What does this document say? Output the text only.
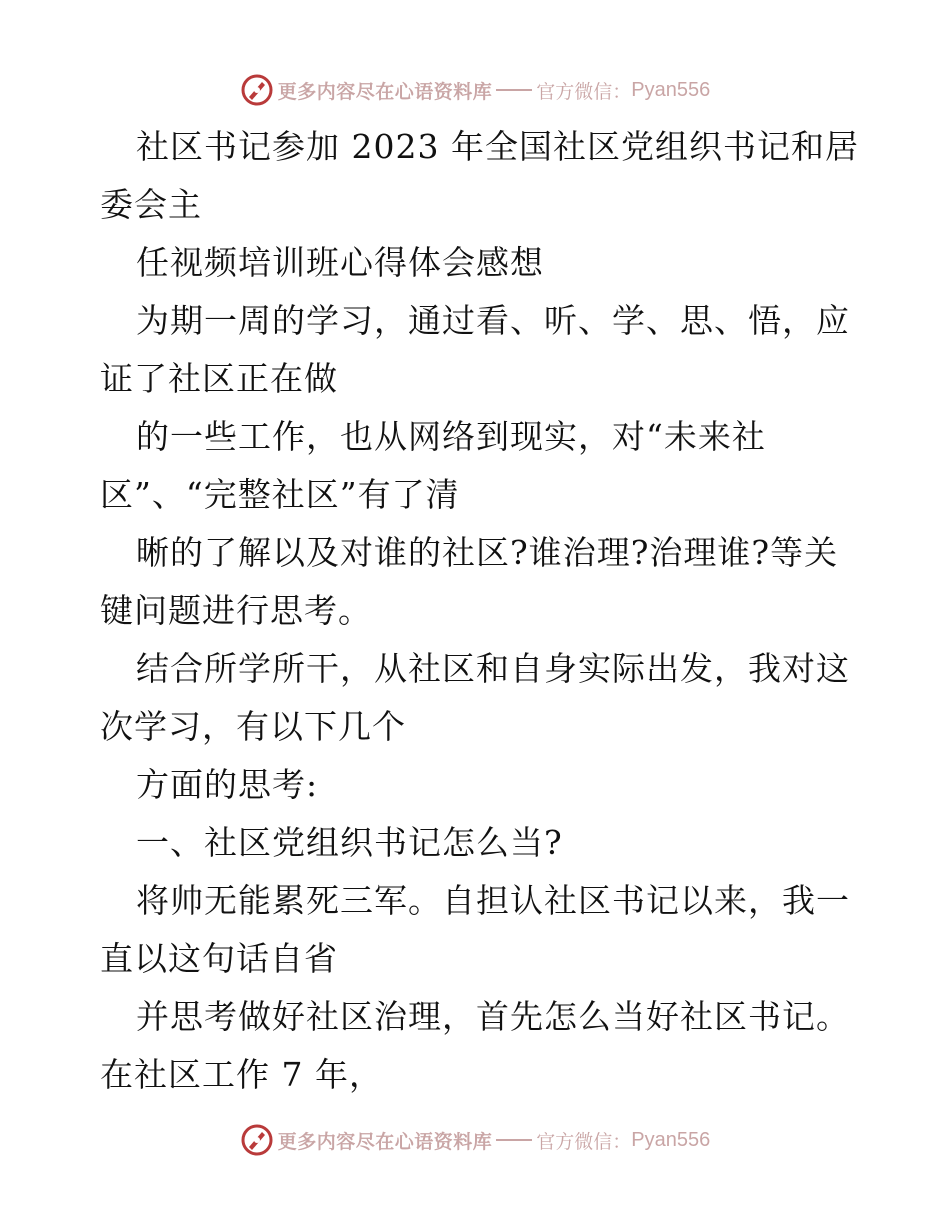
更多内容尽在心语资料库 官方微信： Pyan556

社区书记参加 2023 年全国社区党组织书记和居委会主

任视频培训班心得体会感想

为期一周的学习，通过看、听、学、思、悟，应证了社区正在做

的一些工作，也从网络到现实，对“未来社区”、“完整社区”有了清

晰的了解以及对谁的社区?谁治理?治理谁?等关键问题进行思考。

结合所学所干，从社区和自身实际出发，我对这次学习，有以下几个

方面的思考:

一、社区党组织书记怎么当?

将帅无能累死三军。自担认社区书记以来，我一直以这句话自省

并思考做好社区治理，首先怎么当好社区书记。在社区工作 7 年，

更多内容尽在心语资料库 官方微信： Pyan556
